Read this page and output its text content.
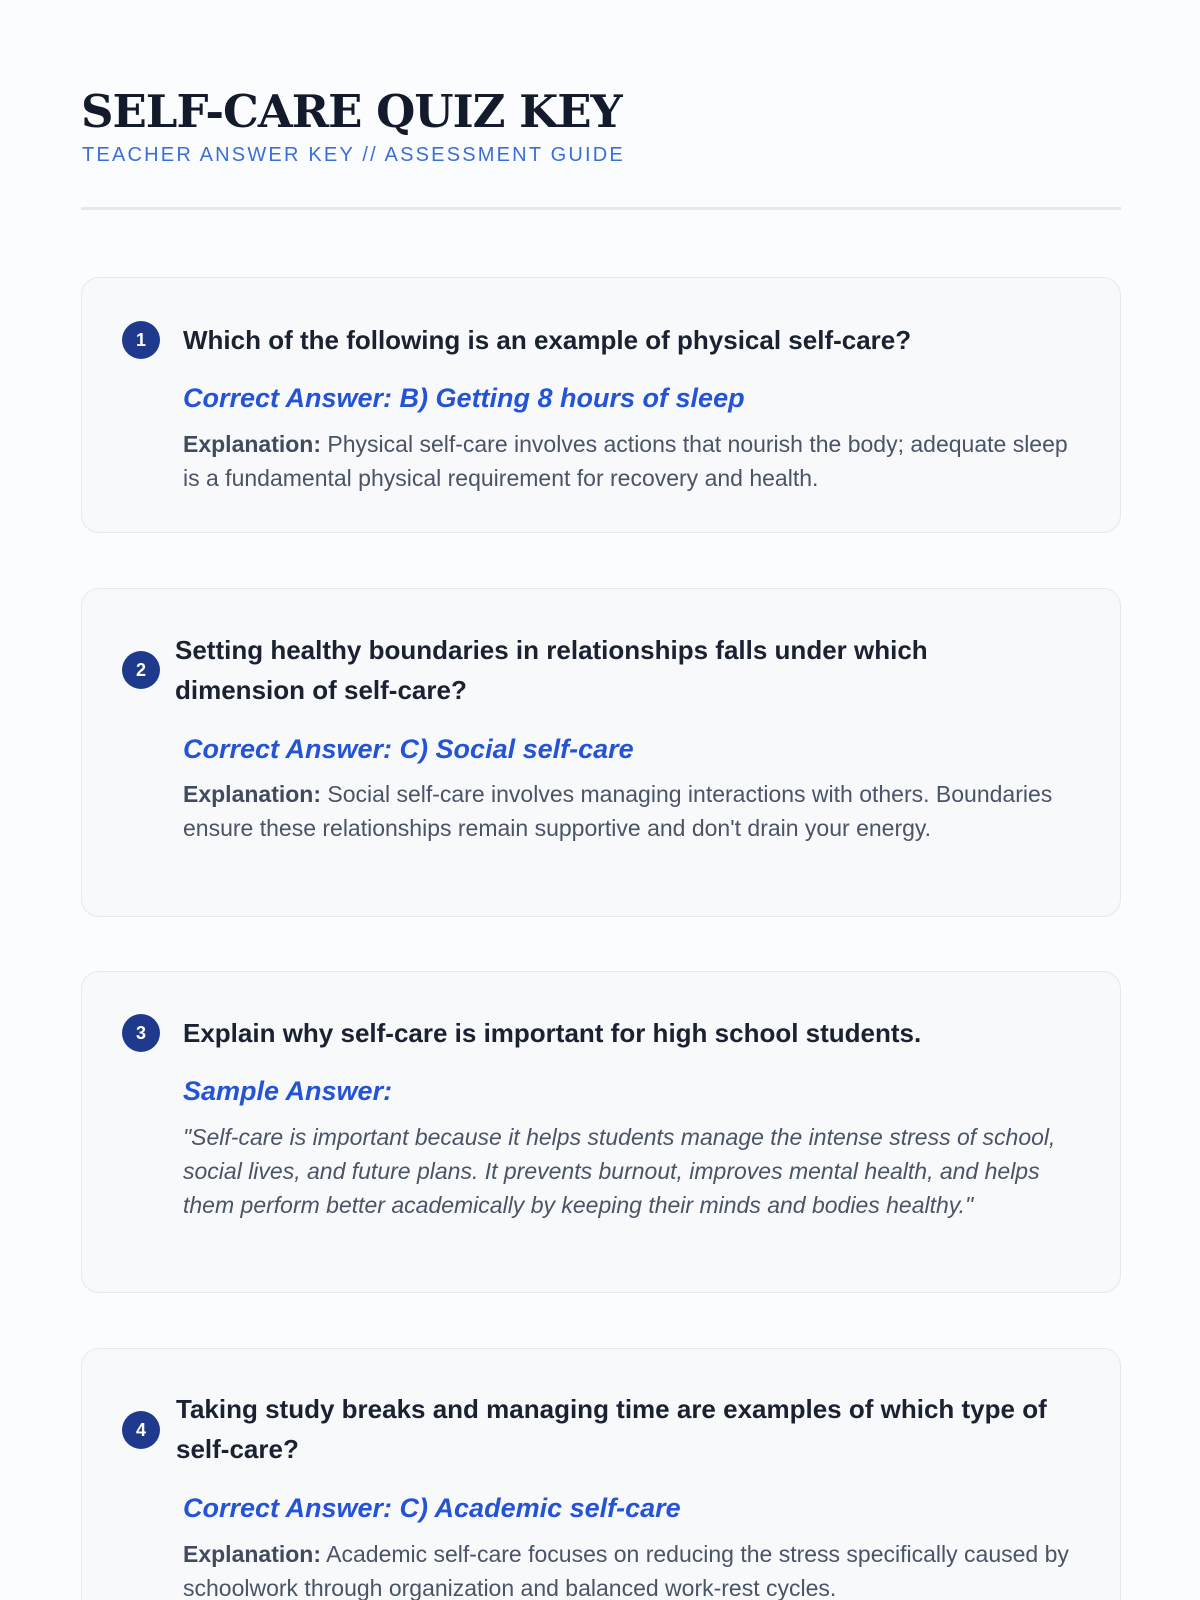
SELF-CARE QUIZ KEY
TEACHER ANSWER KEY // ASSESSMENT GUIDE
1	Which of the following is an example of physical self-care?
Correct Answer: B) Getting 8 hours of sleep
Explanation: Physical self-care involves actions that nourish the body; adequate sleep is a fundamental physical requirement for recovery and health.
2
Setting healthy boundaries in relationships falls under which dimension of self-care?
Correct Answer: C) Social self-care
Explanation: Social self-care involves managing interactions with others. Boundaries ensure these relationships remain supportive and don't drain your energy.
3	Explain why self-care is important for high school students.
Sample Answer:
"Self-care is important because it helps students manage the intense stress of school, social lives, and future plans. It prevents burnout, improves mental health, and helps them perform better academically by keeping their minds and bodies healthy."
4
Taking study breaks and managing time are examples of which type of self-care?
Correct Answer: C) Academic self-care
Explanation: Academic self-care focuses on reducing the stress specifically caused by schoolwork through organization and balanced work-rest cycles.
